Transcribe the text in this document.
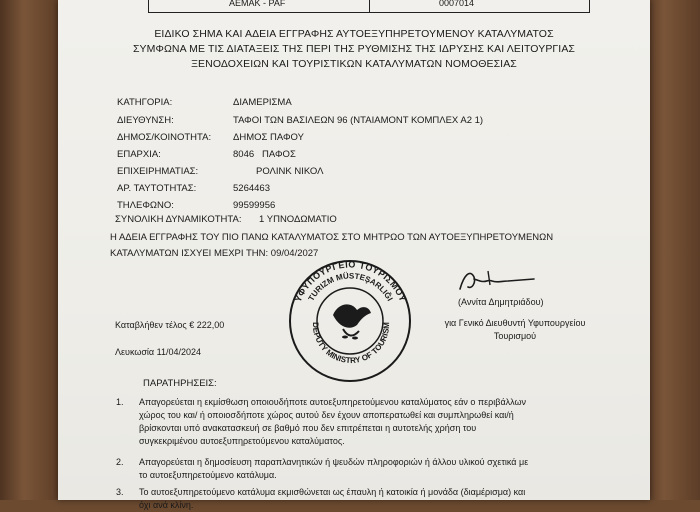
ΑΕΜΑΚ - PAF	0007014
ΕΙΔΙΚΟ ΣΗΜΑ ΚΑΙ ΑΔΕΙΑ ΕΓΓΡΑΦΗΣ ΑΥΤΟΕΞΥΠΗΡΕΤΟΥΜΕΝΟΥ ΚΑΤΑΛΥΜΑΤΟΣ
ΣΥΜΦΩΝΑ ΜΕ ΤΙΣ ΔΙΑΤΑΞΕΙΣ ΤΗΣ ΠΕΡΙ ΤΗΣ ΡΥΘΜΙΣΗΣ ΤΗΣ ΙΔΡΥΣΗΣ ΚΑΙ ΛΕΙΤΟΥΡΓΙΑΣ
ΞΕΝΟΔΟΧΕΙΩΝ ΚΑΙ ΤΟΥΡΙΣΤΙΚΩΝ ΚΑΤΑΛΥΜΑΤΩΝ ΝΟΜΟΘΕΣΙΑΣ
ΚΑΤΗΓΟΡΙΑ:	ΔΙΑΜΕΡΙΣΜΑ
ΔΙΕΥΘΥΝΣΗ:	ΤΑΦΟΙ ΤΩΝ ΒΑΣΙΛΕΩΝ 96 (ΝΤΑΙΑΜΟΝΤ ΚΟΜΠΛΕΧ Α2 1)
ΔΗΜΟΣ/ΚΟΙΝΟΤΗΤΑ: ΔΗΜΟΣ ΠΑΦΟΥ
ΕΠΑΡΧΙΑ:	8046   ΠΑΦΟΣ
ΕΠΙΧΕΙΡΗΜΑΤΙΑΣ:	ΡΟΛΙΝΚ ΝΙΚΟΛ
ΑΡ. ΤΑΥΤΟΤΗΤΑΣ:	5264463
ΤΗΛΕΦΩΝΟ:	99599956
ΣΥΝΟΛΙΚΗ ΔΥΝΑΜΙΚΟΤΗΤΑ: 1 ΥΠΝΟΔΩΜΑΤΙΟ
Η ΑΔΕΙΑ ΕΓΓΡΑΦΗΣ ΤΟΥ ΠΙΟ ΠΑΝΩ ΚΑΤΑΛΥΜΑΤΟΣ ΣΤΟ ΜΗΤΡΩΟ ΤΩΝ ΑΥΤΟΕΞΥΠΗΡΕΤΟΥΜΕΝΩΝ
ΚΑΤΑΛΥΜΑΤΩΝ ΙΣΧΥΕΙ ΜΕΧΡΙ ΤΗΝ: 09/04/2027
ΥΦΥΠΟΥΡΓΕΙΟ ΤΟΥΡΙΣΜΟΥ
TURIZM MÜSTEŞARLIĞI
DEPUTY MINISTRY OF TOURISM
(Αννίτα Δημητριάδου)
για Γενικό Διευθυντή Υφυπουργείου
Τουρισμού
Καταβλήθεν τέλος € 222,00
Λευκωσία 11/04/2024
ΠΑΡΑΤΗΡΗΣΕΙΣ:
1.	Απαγορεύεται η εκμίσθωση οποιουδήποτε αυτοεξυπηρετούμενου καταλύματος εάν ο περιβάλλων
χώρος του και/ ή οποιοσδήποτε χώρος αυτού δεν έχουν αποπερατωθεί και συμπληρωθεί και/ή
βρίσκονται υπό ανακατασκευή σε βαθμό που δεν επιτρέπεται η αυτοτελής χρήση του
συγκεκριμένου αυτοεξυπηρετούμενου καταλύματος.
2.	Απαγορεύεται η δημοσίευση παραπλανητικών ή ψευδών πληροφοριών ή άλλου υλικού σχετικά με
το αυτοεξυπηρετούμενο κατάλυμα.
3.	Το αυτοεξυπηρετούμενο κατάλυμα εκμισθώνεται ως έπαυλη ή κατοικία ή μονάδα (διαμέρισμα) και
όχι ανά κλίνη.
